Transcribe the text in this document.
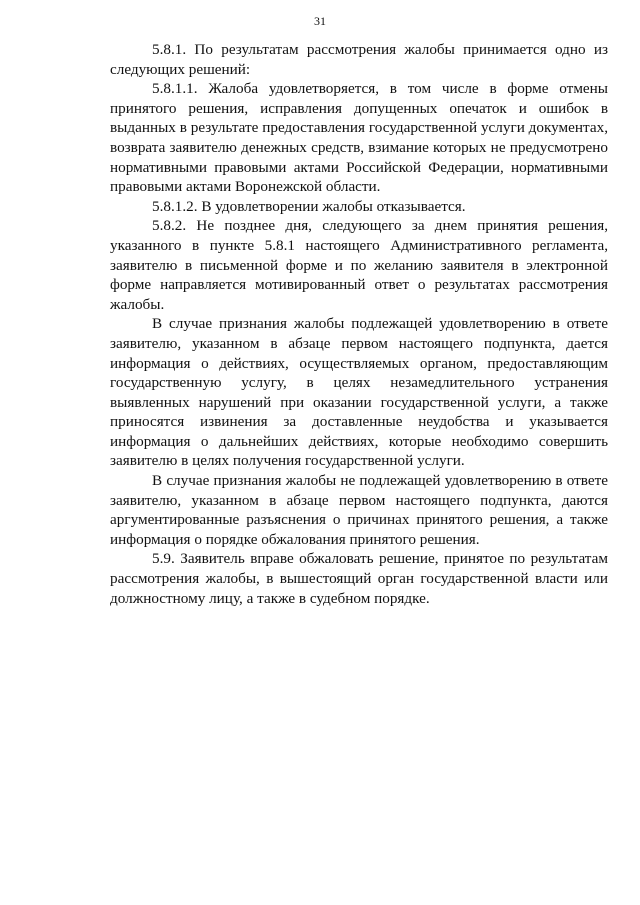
31

5.8.1. По результатам рассмотрения жалобы принимается одно из следующих решений:

5.8.1.1. Жалоба удовлетворяется, в том числе в форме отмены принятого решения, исправления допущенных опечаток и ошибок в выданных в результате предоставления государственной услуги документах, возврата заявителю денежных средств, взимание которых не предусмотрено нормативными правовыми актами Российской Федерации, нормативными правовыми актами Воронежской области.

5.8.1.2. В удовлетворении жалобы отказывается.

5.8.2. Не позднее дня, следующего за днем принятия решения, указанного в пункте 5.8.1 настоящего Административного регламента, заявителю в письменной форме и по желанию заявителя в электронной форме направляется мотивированный ответ о результатах рассмотрения жалобы.

В случае признания жалобы подлежащей удовлетворению в ответе заявителю, указанном в абзаце первом настоящего подпункта, дается информация о действиях, осуществляемых органом, предоставляющим государственную услугу, в целях незамедлительного устранения выявленных нарушений при оказании государственной услуги, а также приносятся извинения за доставленные неудобства и указывается информация о дальнейших действиях, которые необходимо совершить заявителю в целях получения государственной услуги.

В случае признания жалобы не подлежащей удовлетворению в ответе заявителю, указанном в абзаце первом настоящего подпункта, даются аргументированные разъяснения о причинах принятого решения, а также информация о порядке обжалования принятого решения.

5.9. Заявитель вправе обжаловать решение, принятое по результатам рассмотрения жалобы, в вышестоящий орган государственной власти или должностному лицу, а также в судебном порядке.
